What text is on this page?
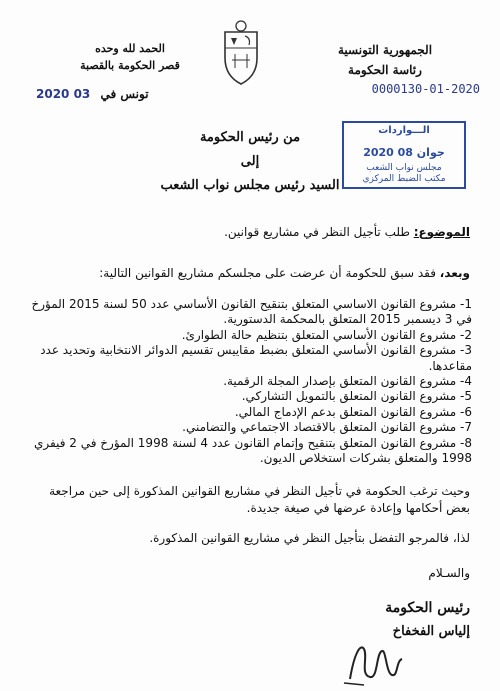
الجمهورية التونسية
رئاسة الحكومة
الحمد لله وحده
قصر الحكومة بالقصبة
0000130-01-2020
2020 03 تونس في
من رئيس الحكومة
إلى
السيد رئيس مجلس نواب الشعب
الـــواردات
2020 جوان 08
مجلس نواب الشعب
مكتب الضبط المركزي
الموضوع: طلب تأجيل النظر في مشاريع قوانين.
وبعد، فقد سبق للحكومة أن عرضت على مجلسكم مشاريع القوانين التالية:
1- مشروع القانون الاساسي المتعلق بتنقيح القانون الأساسي عدد 50 لسنة 2015 المؤرخ في 3 ديسمبر 2015 المتعلق بالمحكمة الدستورية.
2- مشروع القانون الأساسي المتعلق بتنظيم حالة الطوارئ.
3- مشروع القانون الأساسي المتعلق بضبط مقاييس تقسيم الدوائر الانتخابية وتحديد عدد مقاعدها.
4- مشروع القانون المتعلق بإصدار المجلة الرقمية.
5- مشروع القانون المتعلق بالتمويل التشاركي.
6- مشروع القانون المتعلق بدعم الإدماج المالي.
7- مشروع القانون المتعلق بالاقتصاد الاجتماعي والتضامني.
8- مشروع القانون المتعلق بتنقيح وإتمام القانون عدد 4 لسنة 1998 المؤرخ في 2 فيفري 1998 والمتعلق بشركات استخلاص الديون.
وحيث ترغب الحكومة في تأجيل النظر في مشاريع القوانين المذكورة إلى حين مراجعة بعض أحكامها وإعادة عرضها في صيغة جديدة.
لذا، فالمرجو التفضل بتأجيل النظر في مشاريع القوانين المذكورة.
والسـلام
رئيس الحكومة
إلياس الفخفاخ
